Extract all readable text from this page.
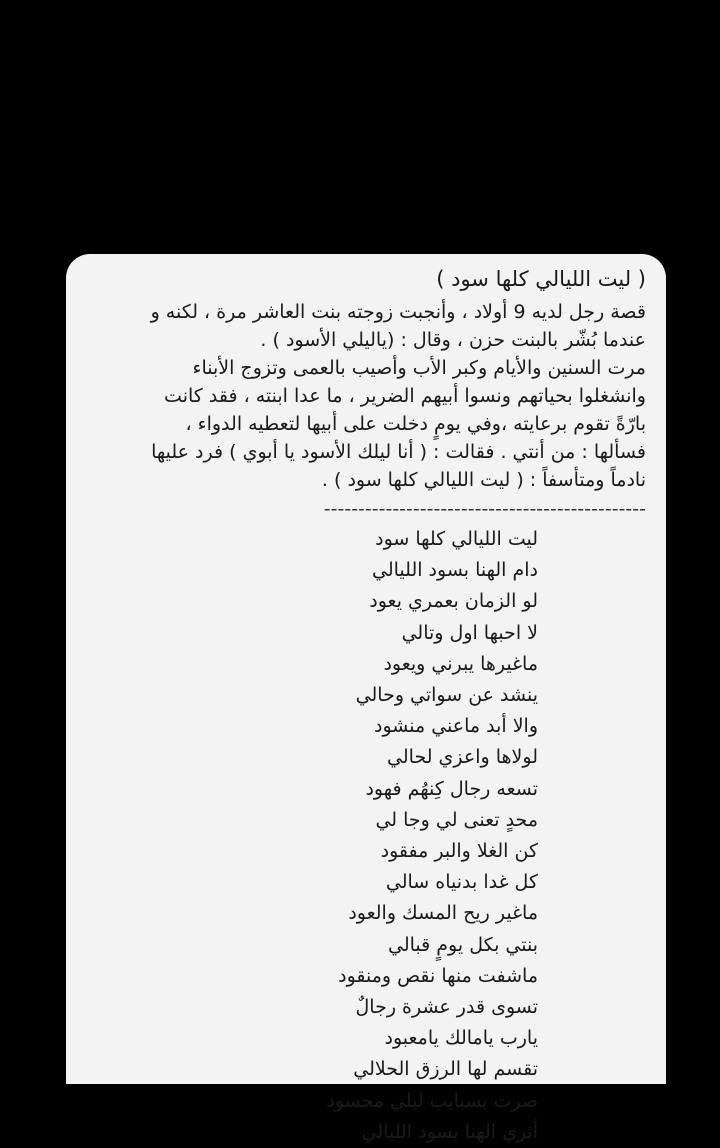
( ليت الليالي كلها سود )

قصة رجل لديه 9 أولاد ، وأنجبت زوجته بنت العاشر مرة ، لكنه و

عندما بُشّر بالبنت حزن ، وقال : (ياليلي الأسود ) .

مرت السنين والأيام وكبر الأب وأصيب بالعمى وتزوج الأبناء

وانشغلوا بحياتهم ونسوا أبيهم الضرير ، ما عدا ابنته ، فقد كانت

بارّةً تقوم برعايته ،وفي يومٍ دخلت على أبيها لتعطيه الدواء ،

فسألها : من أنتي . فقالت : ( أنا ليلك الأسود يا أبوي ) فرد عليها

نادماً ومتأسفاً : ( ليت الليالي كلها سود ) .

-----------------------------------------------

ليت الليالي كلها سود

دام الهنا بسود الليالي

لو الزمان بعمري يعود

لا احبها اول وتالي

ماغيرها يبرني ويعود

ينشد عن سواتي وحالي

والا أبد ماعني منشود

لولاها واعزي لحالي

تسعه رجال كِنهُم فهود

محدٍ تعنى لي وجا لي

كن الغلا والبر مفقود

كل غدا بدنياه سالي

ماغير ريح المسك والعود

بنتي بكل يومٍ قبالي

ماشفت منها نقص ومنقود

تسوى قدر عشرة رجالٌ

يارب يامالك يامعبود

تقسم لها الرزق الحلالي

صرت بسبايب ليلي محسود

أثري الهنا بسود الليالي
